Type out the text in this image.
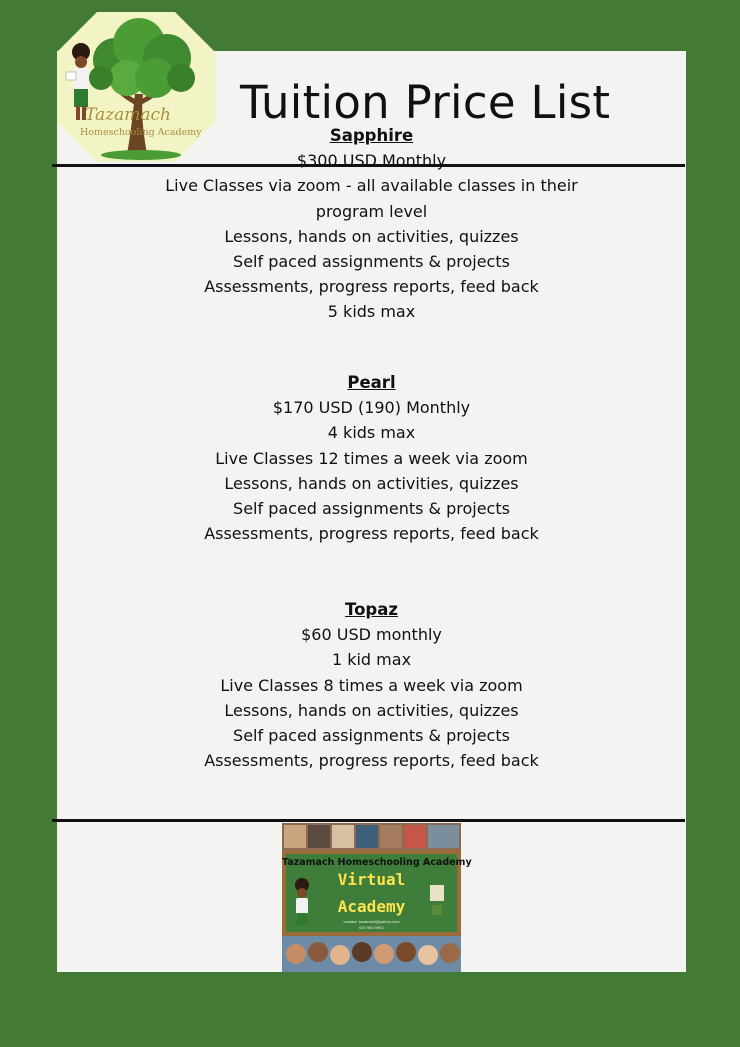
Tazamach
Homeschooling Academy
Tuition Price List
Sapphire
$300 USD Monthly
Live Classes via zoom - all available classes in their
program level
Lessons, hands on activities, quizzes
Self paced assignments & projects
Assessments, progress reports, feed back
5 kids max
Pearl
$170 USD (190) Monthly
4 kids max
Live Classes 12 times a week via zoom
Lessons, hands on activities, quizzes
Self paced assignments & projects
Assessments, progress reports, feed back
Topaz
$60 USD monthly
1 kid max
Live Classes 8 times a week via zoom
Lessons, hands on activities, quizzes
Self paced assignments & projects
Assessments, progress reports, feed back
Tazamach Homeschooling Academy
Virtual
Academy
contact: tazamach@yahoo.com
647.962.0962
